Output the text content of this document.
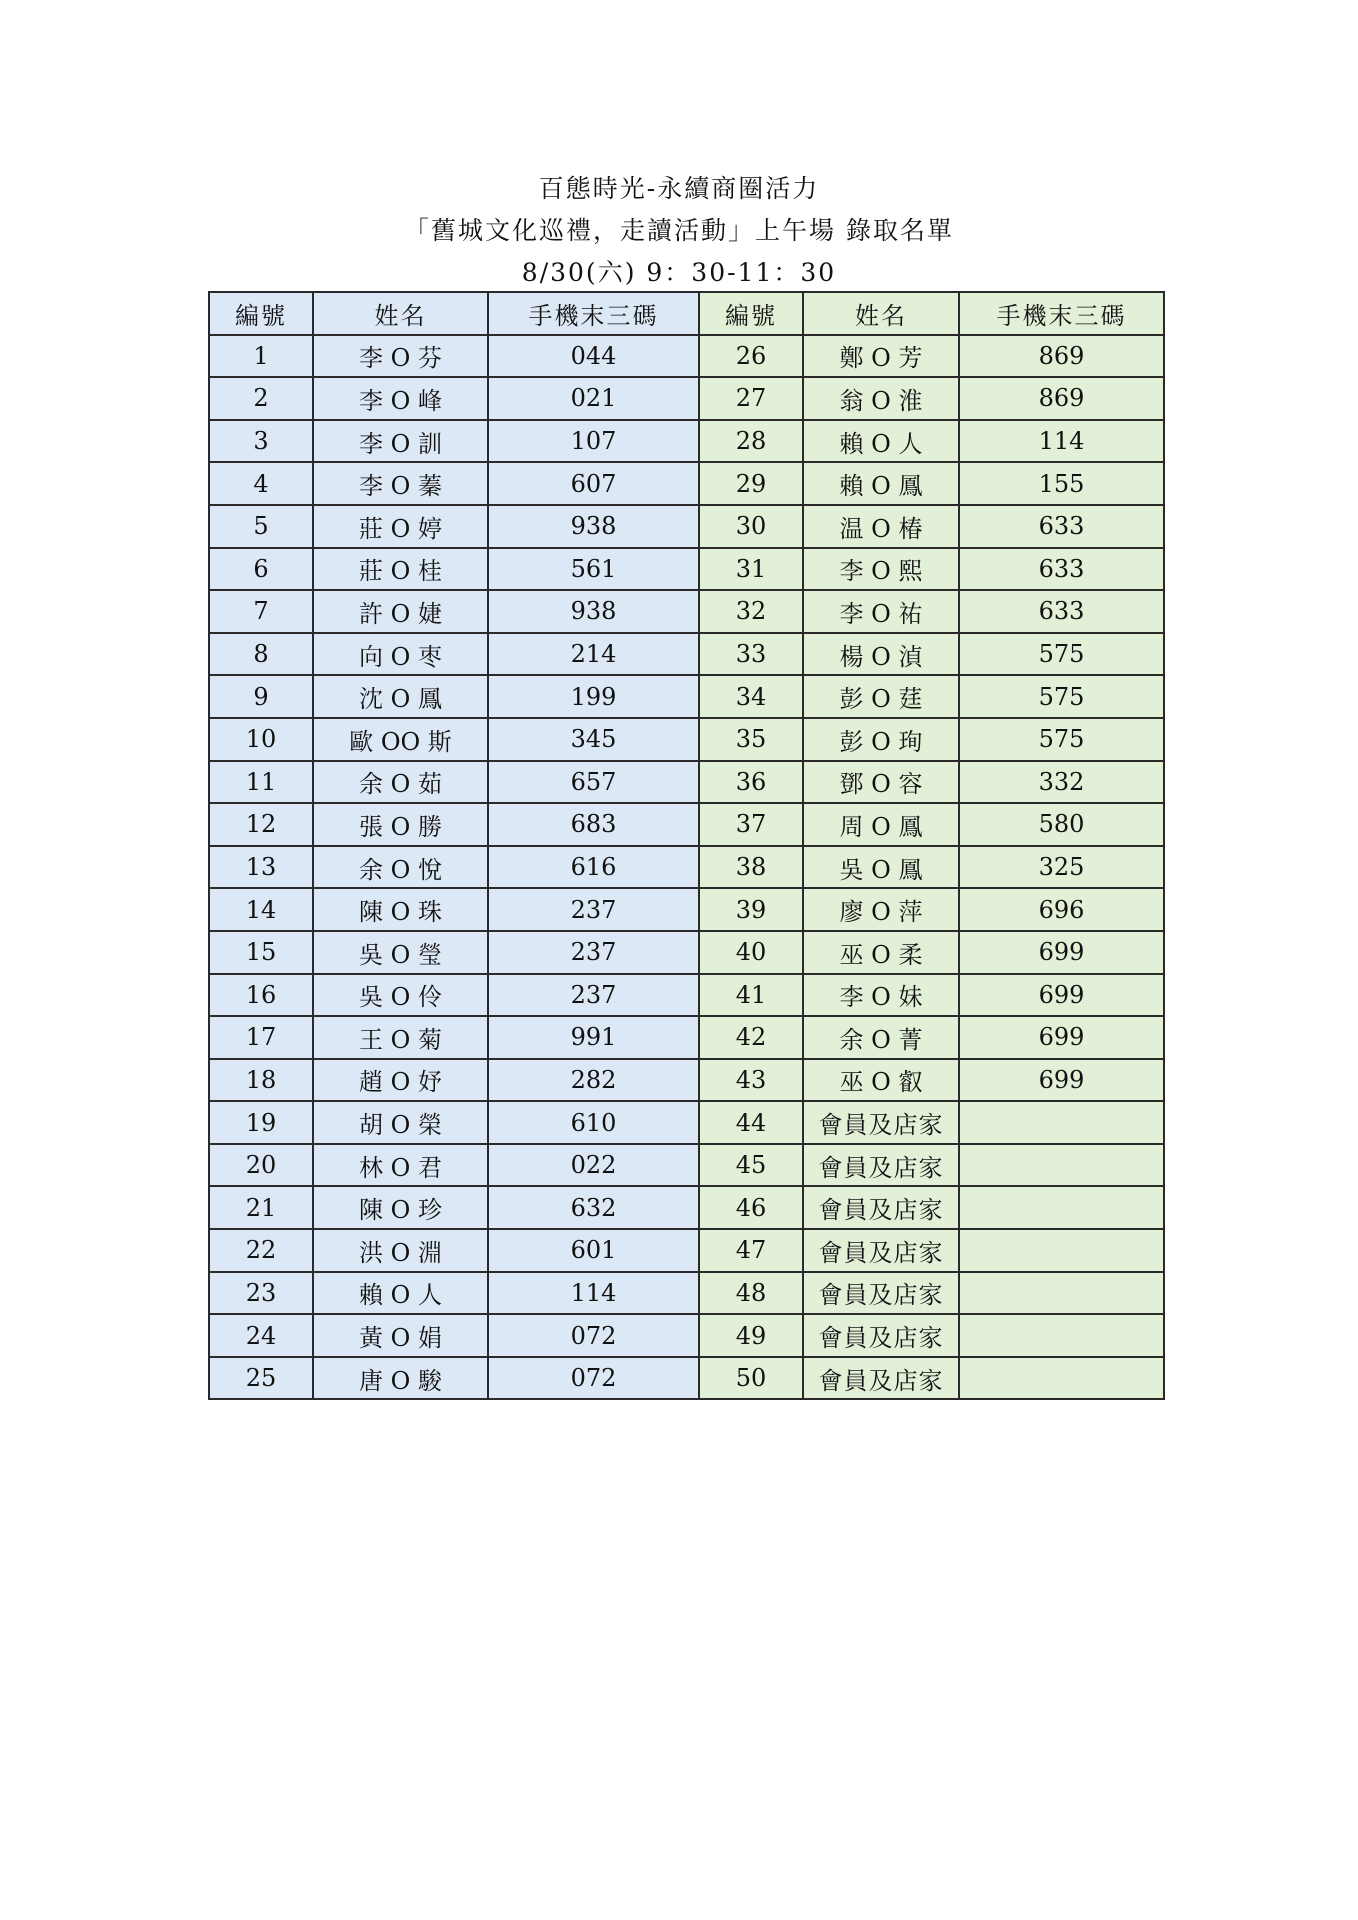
百態時光-永續商圈活力
「舊城文化巡禮，走讀活動」上午場 錄取名單
8/30(六) 9：30-11：30
編號	姓名	手機末三碼	編號	姓名	手機末三碼
1	李 O 芬	044	26	鄭 O 芳	869
2	李 O 峰	021	27	翁 O 淮	869
3	李 O 訓	107	28	賴 O 人	114
4	李 O 蓁	607	29	賴 O 鳳	155
5	莊 O 婷	938	30	温 O 椿	633
6	莊 O 桂	561	31	李 O 熙	633
7	許 O 婕	938	32	李 O 祐	633
8	向 O 枣	214	33	楊 O 湞	575
9	沈 O 鳳	199	34	彭 O 莛	575
10	歐 OO 斯	345	35	彭 O 珣	575
11	余 O 茹	657	36	鄧 O 容	332
12	張 O 勝	683	37	周 O 鳳	580
13	余 O 悅	616	38	吳 O 鳳	325
14	陳 O 珠	237	39	廖 O 萍	696
15	吳 O 瑩	237	40	巫 O 柔	699
16	吳 O 伶	237	41	李 O 妹	699
17	王 O 菊	991	42	余 O 菁	699
18	趙 O 妤	282	43	巫 O 叡	699
19	胡 O 榮	610	44	會員及店家	
20	林 O 君	022	45	會員及店家	
21	陳 O 珍	632	46	會員及店家	
22	洪 O 淵	601	47	會員及店家	
23	賴 O 人	114	48	會員及店家	
24	黃 O 娟	072	49	會員及店家	
25	唐 O 駿	072	50	會員及店家	
